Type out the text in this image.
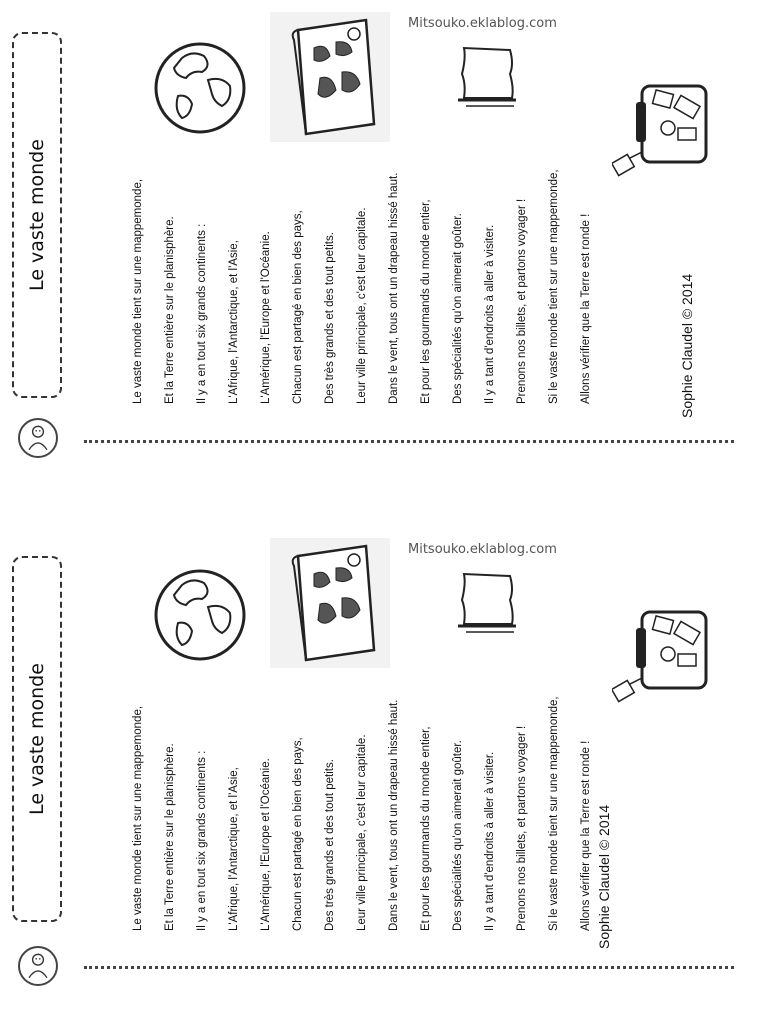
Le vaste monde
Mitsouko.eklablog.com
Le vaste monde tient sur une mappemonde, Et la Terre entière sur le planisphère. Il y a en tout six grands continents : L'Afrique, l'Antarctique, et l'Asie, L'Amérique, l'Europe et l'Océanie. Chacun est partagé en bien des pays, Des très grands et des tout petits. Leur ville principale, c'est leur capitale. Dans le vent, tous ont un drapeau hissé haut. Et pour les gourmands du monde entier, Des spécialités qu'on aimerait goûter. Il y a tant d'endroits à aller à visiter. Prenons nos billets, et partons voyager ! Si le vaste monde tient sur une mappemonde, Allons vérifier que la Terre est ronde !	Sophie Claudel © 2014
Le vaste monde
Mitsouko.eklablog.com
Le vaste monde tient sur une mappemonde, Et la Terre entière sur le planisphère. Il y a en tout six grands continents : L'Afrique, l'Antarctique, et l'Asie, L'Amérique, l'Europe et l'Océanie. Chacun est partagé en bien des pays, Des très grands et des tout petits. Leur ville principale, c'est leur capitale. Dans le vent, tous ont un drapeau hissé haut. Et pour les gourmands du monde entier, Des spécialités qu'on aimerait goûter. Il y a tant d'endroits à aller à visiter. Prenons nos billets, et partons voyager ! Si le vaste monde tient sur une mappemonde, Allons vérifier que la Terre est ronde ! Sophie Claudel © 2014
